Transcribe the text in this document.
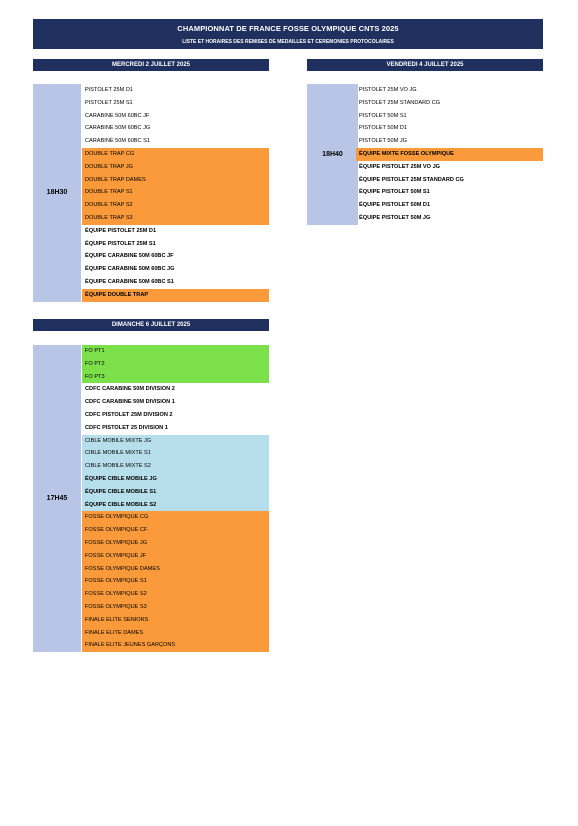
CHAMPIONNAT DE FRANCE FOSSE OLYMPIQUE CNTS 2025
LISTE ET HORAIRES DES REMISES DE MEDAILLES ET CEREMONIES PROTOCOLAIRES
MERCREDI 2 JUILLET 2025
18H30
PISTOLET 25M D1
PISTOLET 25M S1
CARABINE 50M 60BC JF
CARABINE 50M 60BC JG
CARABINE 50M 60BC S1
DOUBLE TRAP CG
DOUBLE TRAP JG
DOUBLE TRAP DAMES
DOUBLE TRAP S1
DOUBLE TRAP S2
DOUBLE TRAP S3
ÉQUIPE PISTOLET 25M D1
ÉQUIPE PISTOLET 25M S1
ÉQUIPE CARABINE 50M 60BC JF
ÉQUIPE CARABINE 50M 60BC JG
ÉQUIPE CARABINE 50M 60BC S1
ÉQUIPE DOUBLE TRAP
VENDREDI 4 JUILLET 2025
18H40
PISTOLET 25M VO JG
PISTOLET 25M STANDARD CG
PISTOLET 50M S1
PISTOLET 50M D1
PISTOLET 50M JG
ÉQUIPE MIXTE FOSSE OLYMPIQUE
ÉQUIPE PISTOLET 25M VO JG
ÉQUIPE PISTOLET 25M STANDARD CG
ÉQUIPE PISTOLET 50M S1
ÉQUIPE PISTOLET 50M D1
ÉQUIPE PISTOLET 50M JG
DIMANCHE 6 JUILLET 2025
17H45
FO PT1
FO PT2
FO PT3
CDFC CARABINE 50M DIVISION 2
CDFC CARABINE 50M DIVISION 1
CDFC PISTOLET 25M DIVISION 2
CDFC PISTOLET 25 DIVISION 1
CIBLE MOBILE MIXTE JG
CIBLE MOBILE MIXTE S1
CIBLE MOBILE MIXTE S2
ÉQUIPE CIBLE MOBILE JG
ÉQUIPE CIBLE MOBILE S1
ÉQUIPE CIBLE MOBILE S2
FOSSE OLYMPIQUE CG
FOSSE OLYMPIQUE CF
FOSSE OLYMPIQUE JG
FOSSE OLYMPIQUE JF
FOSSE OLYMPIQUE DAMES
FOSSE OLYMPIQUE S1
FOSSE OLYMPIQUE S2
FOSSE OLYMPIQUE S3
FINALE ELITE SENIORS
FINALE ELITE DAMES
FINALE ELITE JEUNES GARÇONS
